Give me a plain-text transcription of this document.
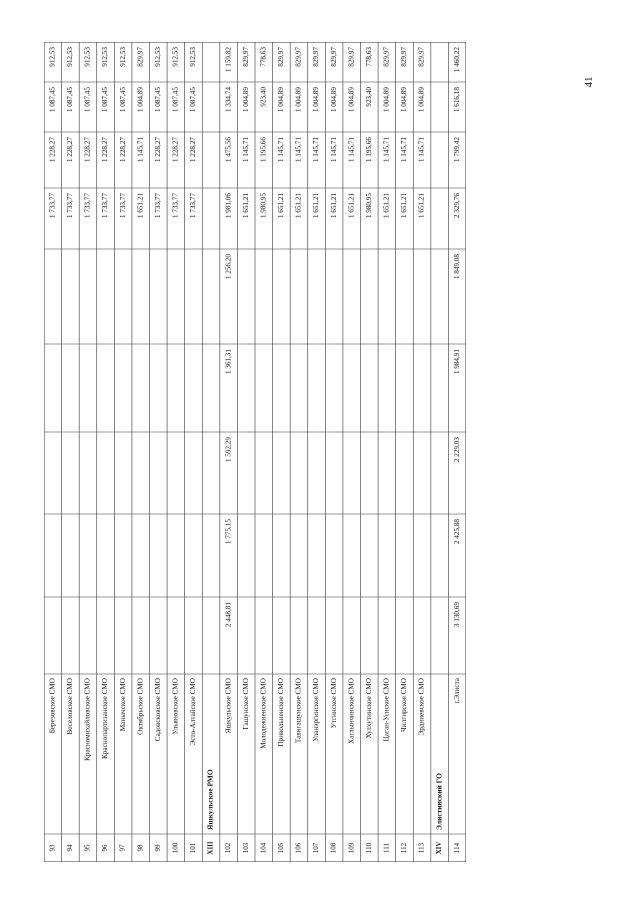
93
Березовское СМО
1 733,77
1 228,27
1 087,45
912,53
94
Веселовское СМО
1 733,77
1 228,27
1 087,45
912,53
95
Красномихайловское СМО
1 733,77
1 228,27
1 087,45
912,53
96
Краснопартизанское СМО
1 733,77
1 228,27
1 087,45
912,53
97
Манычское СМО
1 733,77
1 228,27
1 087,45
912,53
98
Октябрьское СМО
1 651,21
1 145,71
1 004,89
829,97
99
Садовсковское СМО
1 733,77
1 228,27
1 087,45
912,53
100
Ульяновское СМО
1 733,77
1 228,27
1 087,45
912,53
101
Эсто-Алтайское СМО
1 733,77
1 228,27
1 087,45
912,53
XIII
Яшкульское РМО
102
Яшкульское СМО
2 448,81
1 775,15
1 592,29
1 361,31
1 256,20
1 981,06
1 475,56
1 334,74
1 159,82
103
Гашунское СМО
1 651,21
1 145,71
1 004,89
829,97
104
Молодежненское СМО
1 980,95
1 195,66
923,40
778,63
105
Привольненское СМО
1 651,21
1 145,71
1 004,89
829,97
106
Тавнгашунское СМО
1 651,21
1 145,71
1 004,89
829,97
107
Уланэргинское СМО
1 651,21
1 145,71
1 004,89
829,97
108
Утгинское СМО
1 651,21
1 145,71
1 004,89
829,97
109
Хаглынчинское СМО
1 651,21
1 145,71
1 004,89
829,97
110
Хулхутинское СМО
1 980,95
1 195,66
923,40
778,63
111
Цаган-Уснское СМО
1 651,21
1 145,71
1 004,89
829,97
112
Чилгирское СМО
1 651,21
1 145,71
1 004,89
829,97
113
Эрдниевское СМО
1 651,21
1 145,71
1 004,89
829,97
XIV
Элистинский ГО
114
г.Элиста
3 130,69
2 425,88
2 229,03
1 984,91
1 849,08
2 329,76
1 799,42
1 616,18
1 460,22
41
